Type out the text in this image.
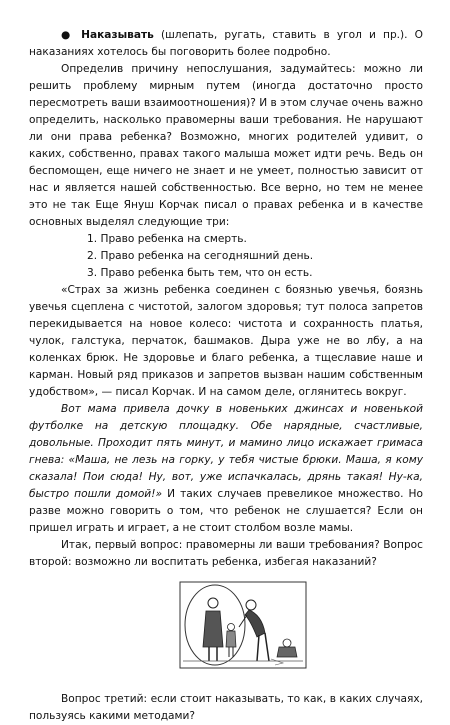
● Наказывать (шлепать, ругать, ставить в угол и пр.). О наказаниях хотелось бы поговорить более подробно.

Определив причину непослушания, задумайтесь: можно ли решить проблему мирным путем (иногда достаточно просто пересмотреть ваши взаимоотношения)? И в этом случае очень важно определить, насколько правомерны ваши требования. Не нарушают ли они права ребенка? Возможно, многих родителей удивит, о каких, собственно, правах такого малыша может идти речь. Ведь он беспомощен, еще ничего не знает и не умеет, полностью зависит от нас и является нашей собственностью. Все верно, но тем не менее это не так Еще Януш Корчак писал о правах ребенка и в качестве основных выделял следующие три:

1. Право ребенка на смерть.
2. Право ребенка на сегодняшний день.
3. Право ребенка быть тем, что он есть.

«Страх за жизнь ребенка соединен с боязнью увечья, боязнь увечья сцеплена с чистотой, залогом здоровья; тут полоса запретов перекидывается на новое колесо: чистота и сохранность платья, чулок, галстука, перчаток, башмаков. Дыра уже не во лбу, а на коленках брюк. Не здоровье и благо ребенка, а тщеславие наше и карман. Новый ряд приказов и запретов вызван нашим собственным удобством», — писал Корчак. И на самом деле, оглянитесь вокруг.

Вот мама привела дочку в новеньких джинсах и новенькой футболке на детскую площадку. Обе нарядные, счастливые, довольные. Проходит пять минут, и мамино лицо искажает гримаса гнева: «Маша, не лезь на горку, у тебя чистые брюки. Маша, я кому сказала! Пои сюда! Ну, вот, уже испачкалась, дрянь такая! Ну-ка, быстро пошли домой!» И таких случаев превеликое множество. Но разве можно говорить о том, что ребенок не слушается? Если он пришел играть и играет, а не стоит столбом возле мамы.

Итак, первый вопрос: правомерны ли ваши требования? Вопрос второй: возможно ли воспитать ребенка, избегая наказаний?

Вопрос третий: если стоит наказывать, то как, в каких случаях, пользуясь какими методами?
